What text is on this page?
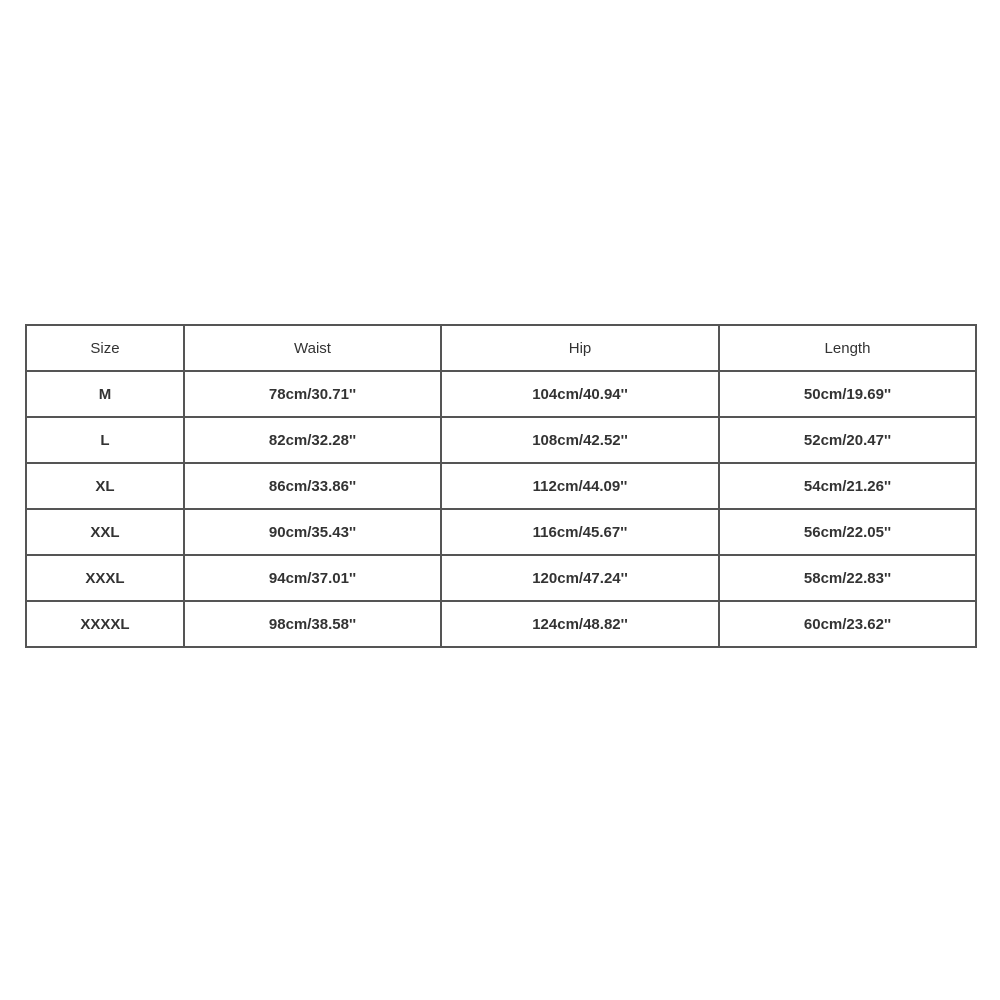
Size	Waist	Hip	Length
M	78cm/30.71''	104cm/40.94''	50cm/19.69''
L	82cm/32.28''	108cm/42.52''	52cm/20.47''
XL	86cm/33.86''	112cm/44.09''	54cm/21.26''
XXL	90cm/35.43''	116cm/45.67''	56cm/22.05''
XXXL	94cm/37.01''	120cm/47.24''	58cm/22.83''
XXXXL	98cm/38.58''	124cm/48.82''	60cm/23.62''
